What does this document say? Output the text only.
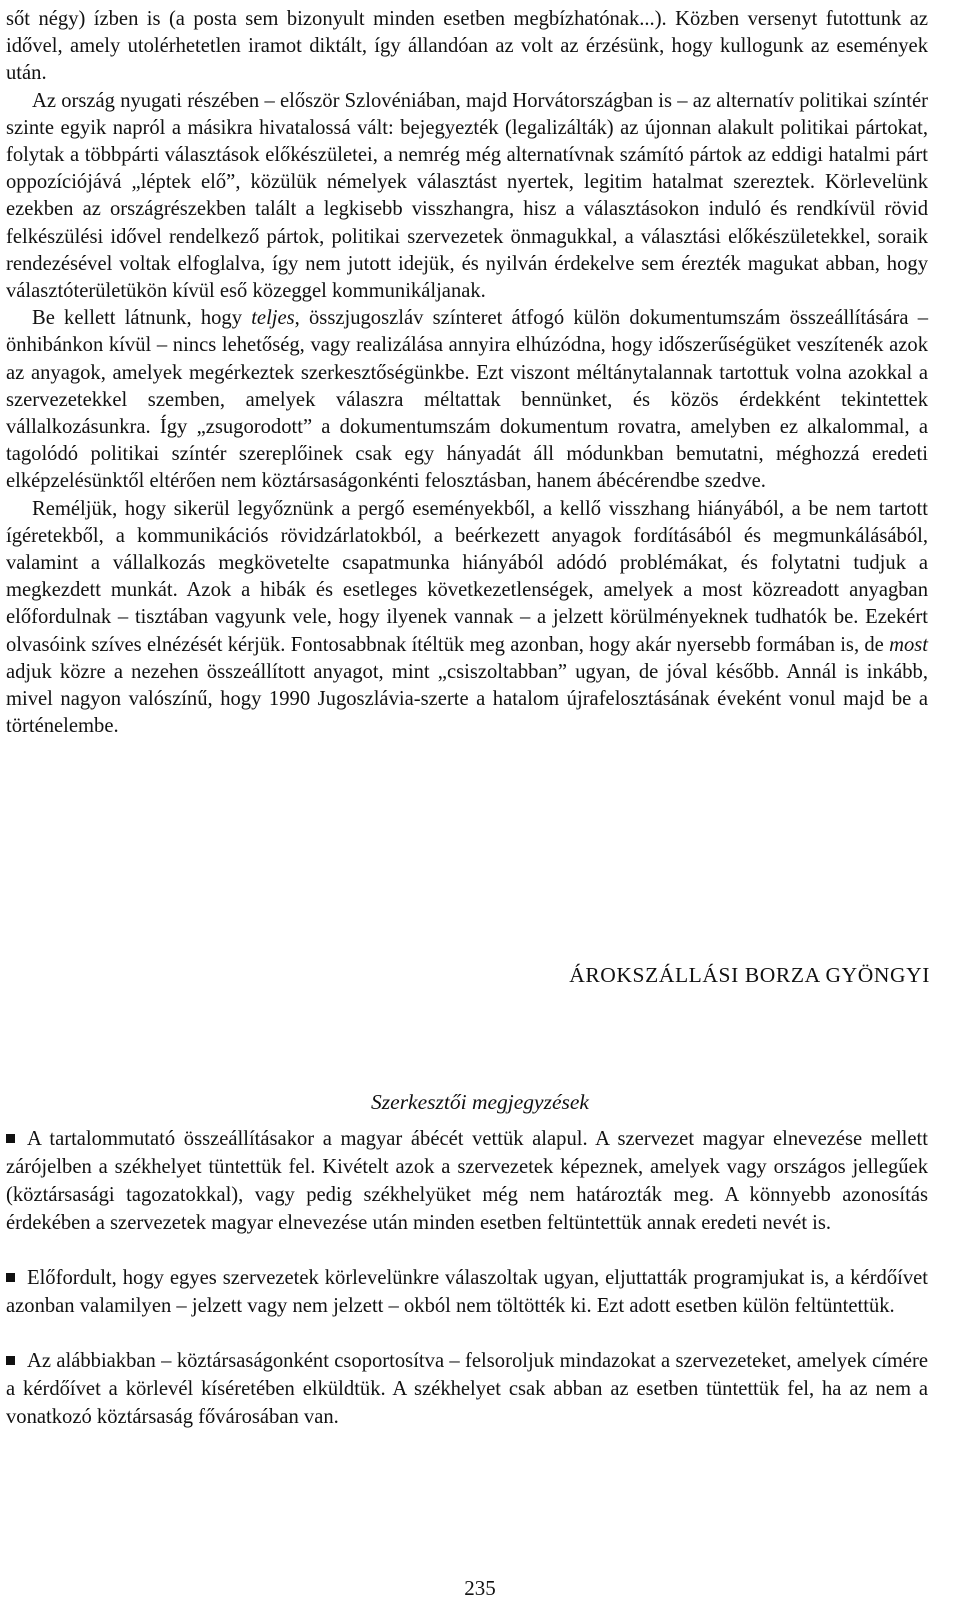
sőt négy) ízben is (a posta sem bizonyult minden esetben megbízhatónak...). Közben versenyt futottunk az idővel, amely utolérhetetlen iramot diktált, így állandóan az volt az érzésünk, hogy kullogunk az események után.

Az ország nyugati részében – először Szlovéniában, majd Horvátországban is – az alternatív politikai színtér szinte egyik napról a másikra hivatalossá vált: bejegyezték (legalizálták) az újonnan alakult politikai pártokat, folytak a többpárti választások előkészületei, a nemrég még alternatívnak számító pártok az eddigi hatalmi párt oppozíciójává „léptek elő”, közülük némelyek választást nyertek, legitim hatalmat szereztek. Körlevelünk ezekben az országrészekben talált a legkisebb visszhangra, hisz a választásokon induló és rendkívül rövid felkészülési idővel rendelkező pártok, politikai szervezetek önmagukkal, a választási előkészületekkel, soraik rendezésével voltak elfoglalva, így nem jutott idejük, és nyilván érdekelve sem érezték magukat abban, hogy választóterületükön kívül eső közeggel kommunikáljanak.

Be kellett látnunk, hogy teljes, összjugoszláv színteret átfogó külön dokumentumszám összeállítására – önhibánkon kívül – nincs lehetőség, vagy realizálása annyira elhúzódna, hogy időszerűségüket veszítenék azok az anyagok, amelyek megérkeztek szerkesztőségünkbe. Ezt viszont méltánytalannak tartottuk volna azokkal a szervezetekkel szemben, amelyek válaszra méltattak bennünket, és közös érdekként tekintettek vállalkozásunkra. Így „zsugorodott” a dokumentumszám dokumentum rovatra, amelyben ez alkalommal, a tagolódó politikai színtér szereplőinek csak egy hányadát áll módunkban bemutatni, méghozzá eredeti elképzelésünktől eltérően nem köztársaságonkénti felosztásban, hanem ábécérendbe szedve.

Reméljük, hogy sikerül legyőznünk a pergő eseményekből, a kellő visszhang hiányából, a be nem tartott ígéretekből, a kommunikációs rövidzárlatokból, a beérkezett anyagok fordításából és megmunkálásából, valamint a vállalkozás megkövetelte csapatmunka hiányából adódó problémákat, és folytatni tudjuk a megkezdett munkát. Azok a hibák és esetleges következetlenségek, amelyek a most közreadott anyagban előfordulnak – tisztában vagyunk vele, hogy ilyenek vannak – a jelzett körülményeknek tudhatók be. Ezekért olvasóink szíves elnézését kérjük. Fontosabbnak ítéltük meg azonban, hogy akár nyersebb formában is, de most adjuk közre a nezehen összeállított anyagot, mint „csiszoltabban” ugyan, de jóval később. Annál is inkább, mivel nagyon valószínű, hogy 1990 Jugoszlávia-szerte a hatalom újrafelosztásának éveként vonul majd be a történelembe.

ÁROKSZÁLLÁSI BORZA GYÖNGYI
Szerkesztői megjegyzések

A tartalommutató összeállításakor a magyar ábécét vettük alapul. A szervezet magyar elnevezése mellett zárójelben a székhelyet tüntettük fel. Kivételt azok a szervezetek képeznek, amelyek vagy országos jellegűek (köztársasági tagozatokkal), vagy pedig székhelyüket még nem határozták meg. A könnyebb azonosítás érdekében a szervezetek magyar elnevezése után minden esetben feltüntettük annak eredeti nevét is.

Előfordult, hogy egyes szervezetek körlevelünkre válaszoltak ugyan, eljuttatták programjukat is, a kérdőívet azonban valamilyen – jelzett vagy nem jelzett – okból nem töltötték ki. Ezt adott esetben külön feltüntettük.

Az alábbiakban – köztársaságonként csoportosítva – felsoroljuk mindazokat a szervezeteket, amelyek címére a kérdőívet a körlevél kíséretében elküldtük. A székhelyet csak abban az esetben tüntettük fel, ha az nem a vonatkozó köztársaság fővárosában van.

235
